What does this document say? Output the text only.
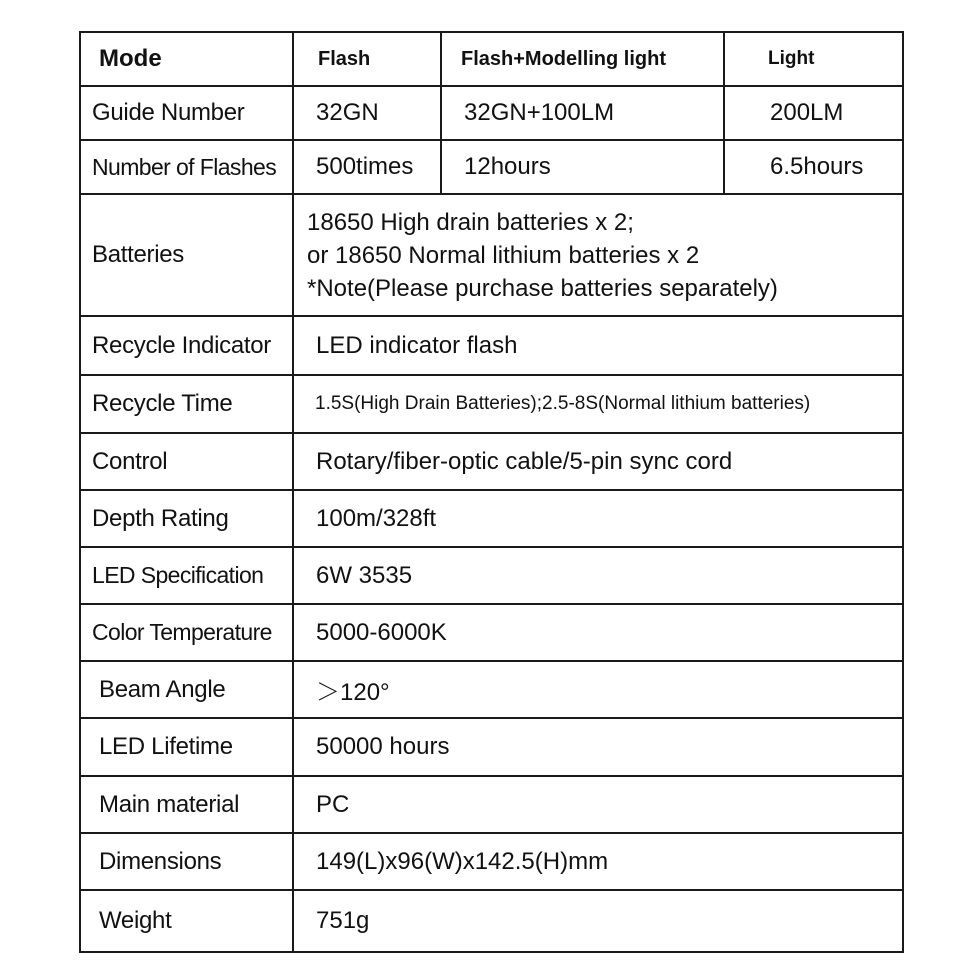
Mode	Flash	Flash+Modelling light	Light
Guide Number	32GN	32GN+100LM	200LM
Number of Flashes	500times	12hours	6.5hours
Batteries	18650 High drain batteries x 2;
or 18650 Normal lithium batteries x 2
*Note(Please purchase batteries separately)		

Recycle Indicator	LED indicator flash		
Recycle Time	1.5S(High Drain Batteries);2.5-8S(Normal lithium batteries)		
Control	Rotary/fiber-optic cable/5-pin sync cord		
Depth Rating	100m/328ft		
LED Specification	6W 3535		
Color Temperature	5000-6000K		
Beam Angle	＞120°		
LED Lifetime	50000 hours		
Main material	PC		
Dimensions	149(L)x96(W)x142.5(H)mm		
Weight	751g		
